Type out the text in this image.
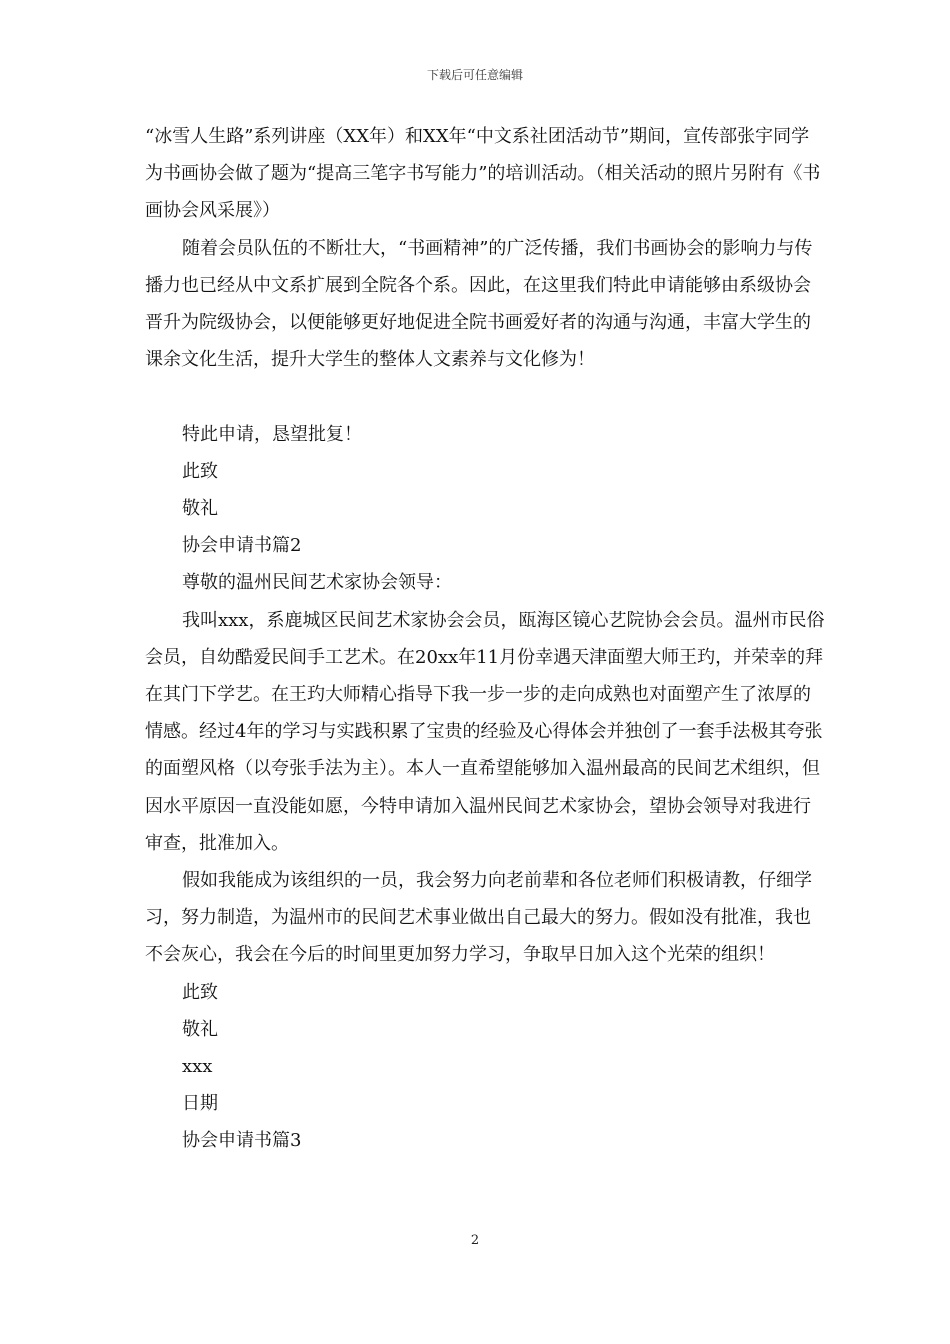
下载后可任意编辑

“冰雪人生路”系列讲座（XX年）和XX年“中文系社团活动节”期间，宣传部张宇同学为书画协会做了题为“提高三笔字书写能力”的培训活动。（相关活动的照片另附有《书画协会风采展》）

随着会员队伍的不断壮大，“书画精神”的广泛传播，我们书画协会的影响力与传播力也已经从中文系扩展到全院各个系。因此，在这里我们特此申请能够由系级协会晋升为院级协会，以便能够更好地促进全院书画爱好者的沟通与沟通，丰富大学生的课余文化生活，提升大学生的整体人文素养与文化修为！

特此申请，恳望批复！

此致

敬礼

协会申请书篇2

尊敬的温州民间艺术家协会领导：

我叫xxx，系鹿城区民间艺术家协会会员，瓯海区镜心艺院协会会员。温州市民俗会员，自幼酷爱民间手工艺术。在20xx年11月份幸遇天津面塑大师王玓，并荣幸的拜在其门下学艺。在王玓大师精心指导下我一步一步的走向成熟也对面塑产生了浓厚的情感。经过4年的学习与实践积累了宝贵的经验及心得体会并独创了一套手法极其夸张的面塑风格（以夸张手法为主）。本人一直希望能够加入温州最高的民间艺术组织，但因水平原因一直没能如愿，今特申请加入温州民间艺术家协会，望协会领导对我进行审查，批准加入。

假如我能成为该组织的一员，我会努力向老前辈和各位老师们积极请教，仔细学习，努力制造，为温州市的民间艺术事业做出自己最大的努力。假如没有批准，我也不会灰心，我会在今后的时间里更加努力学习，争取早日加入这个光荣的组织！

此致

敬礼

xxx

日期

协会申请书篇3

2
